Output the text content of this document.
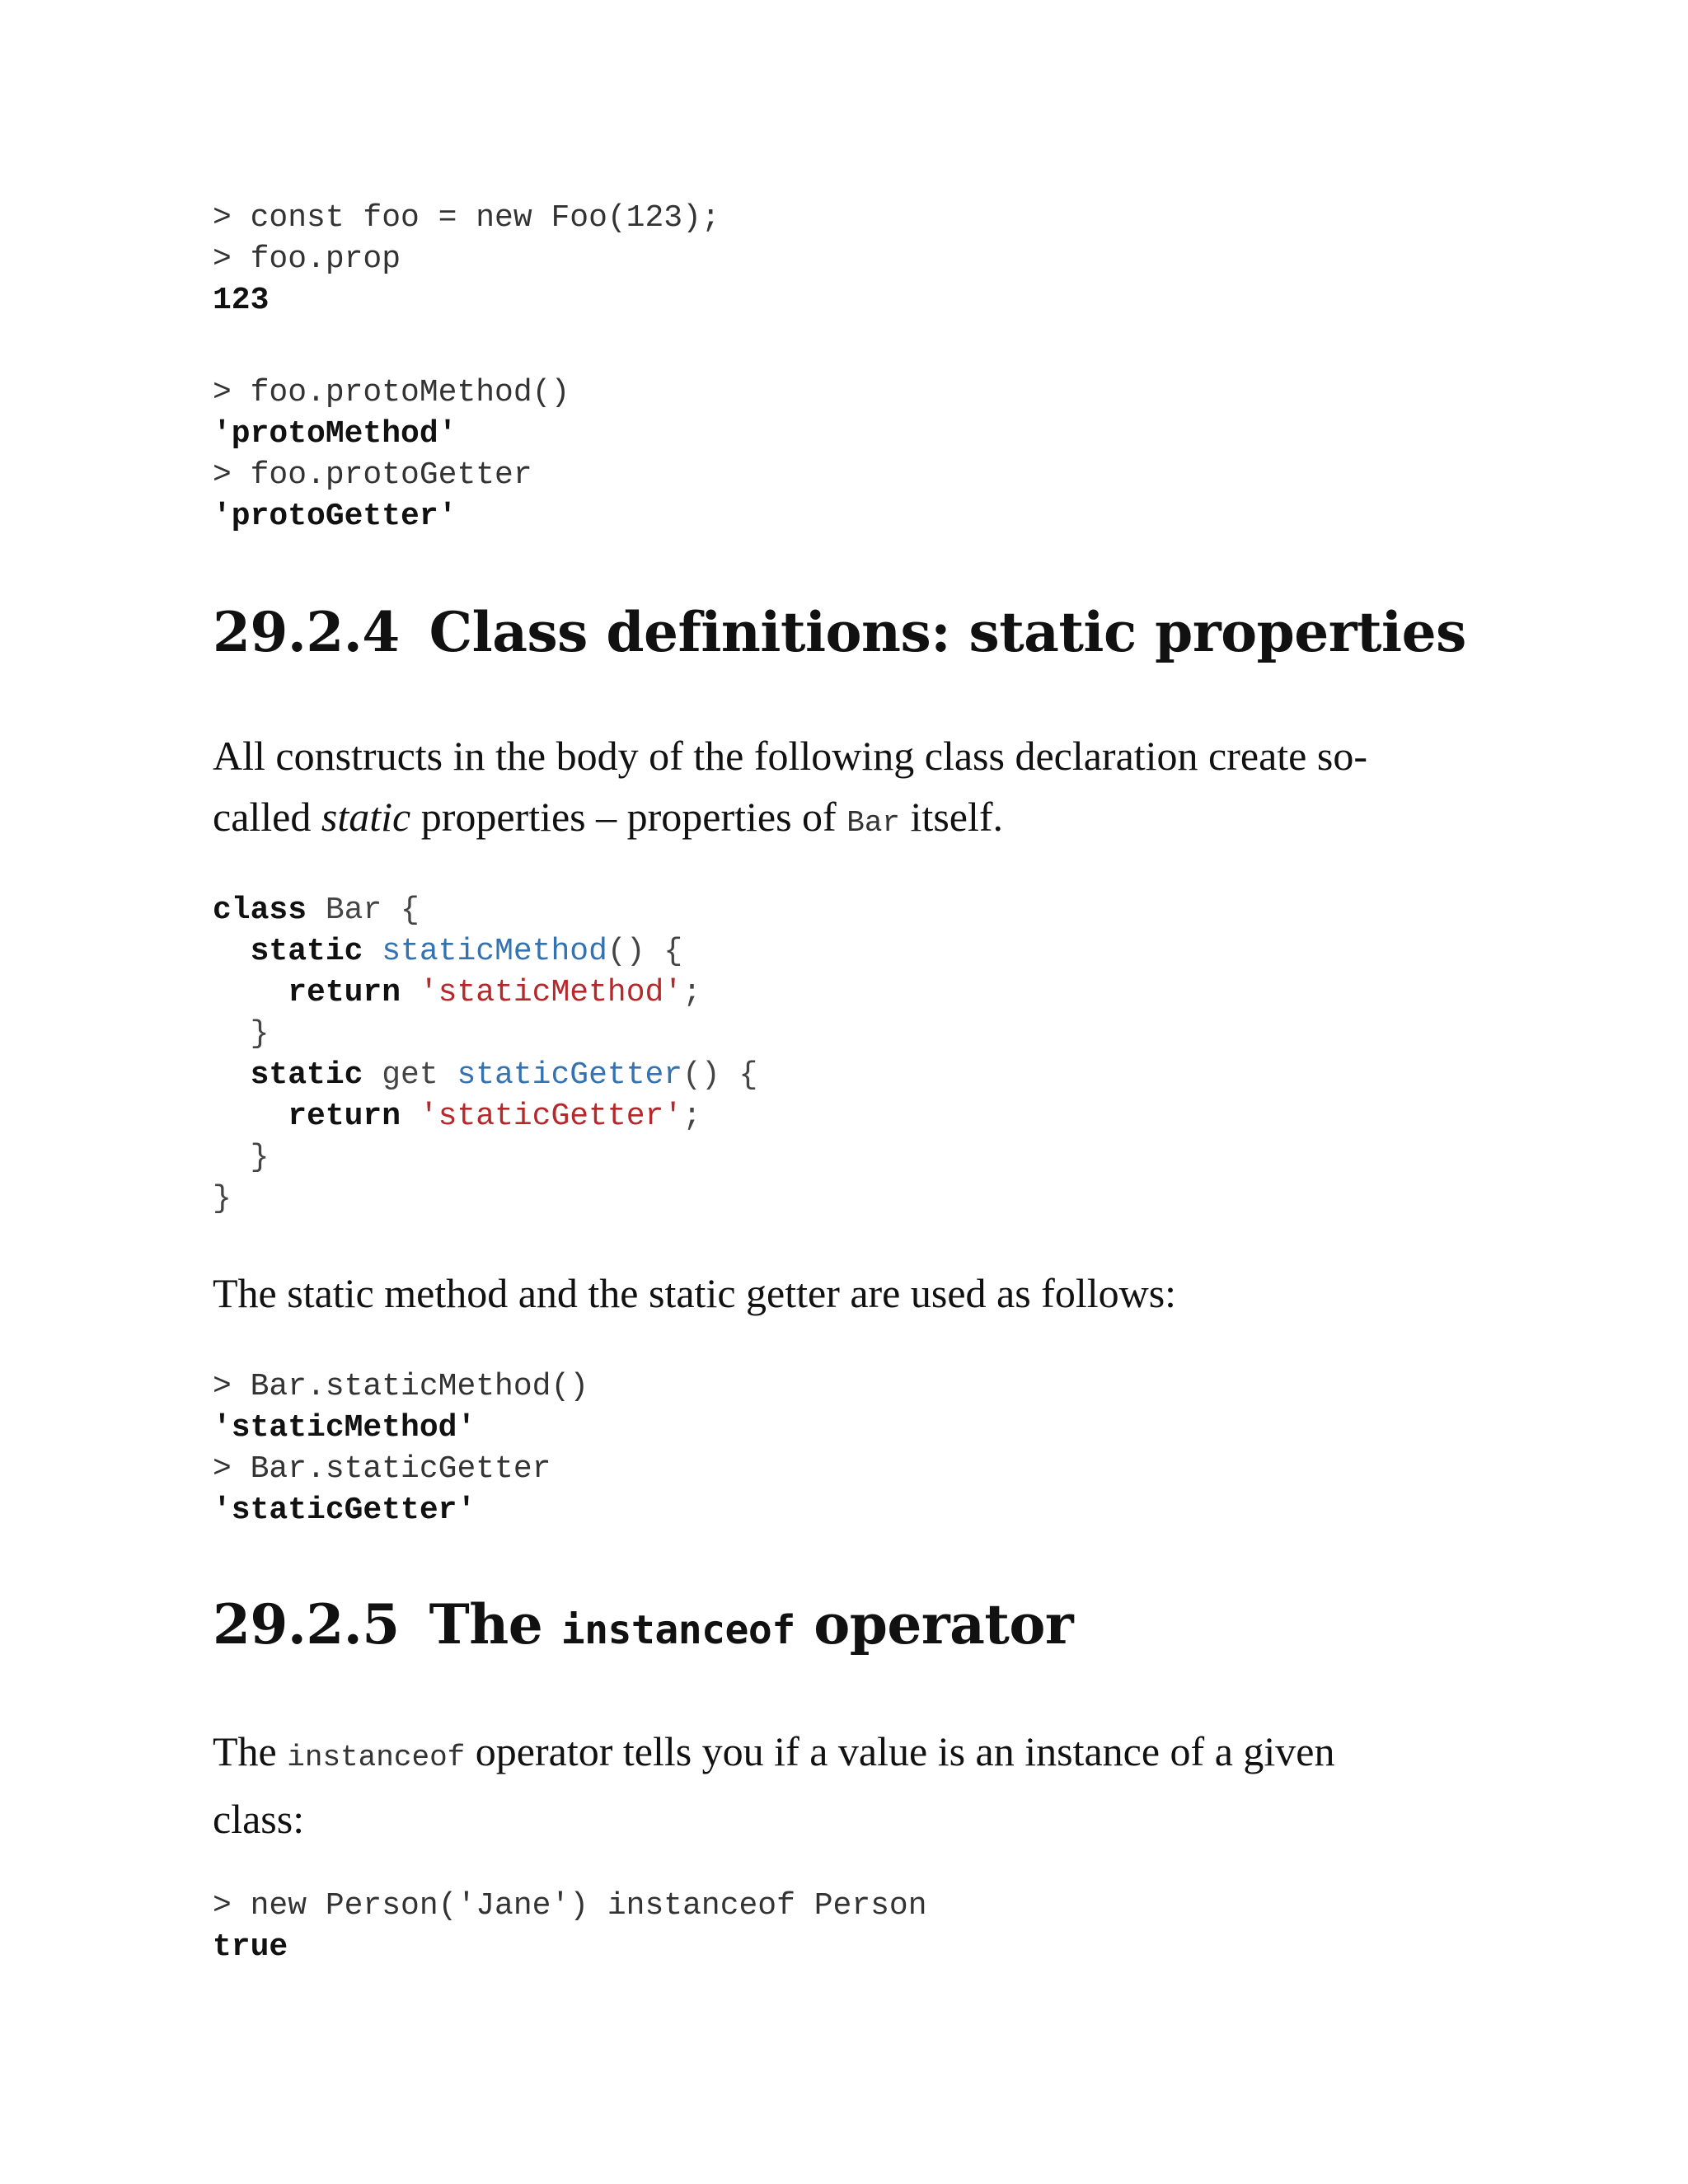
> const foo = new Foo(123);
> foo.prop
123
> foo.protoMethod()
'protoMethod'
> foo.protoGetter
'protoGetter'
29.2.4 Class definitions: static properties

All constructs in the body of the following class declaration create so-
called static properties – properties of Bar itself.

class Bar {
static staticMethod() {
return 'staticMethod';
}
static get staticGetter() {
return 'staticGetter';
}
}

The static method and the static getter are used as follows:

> Bar.staticMethod()
'staticMethod'
> Bar.staticGetter
'staticGetter'
29.2.5 The instanceof operator

The instanceof operator tells you if a value is an instance of a given
class:

> new Person('Jane') instanceof Person
true
